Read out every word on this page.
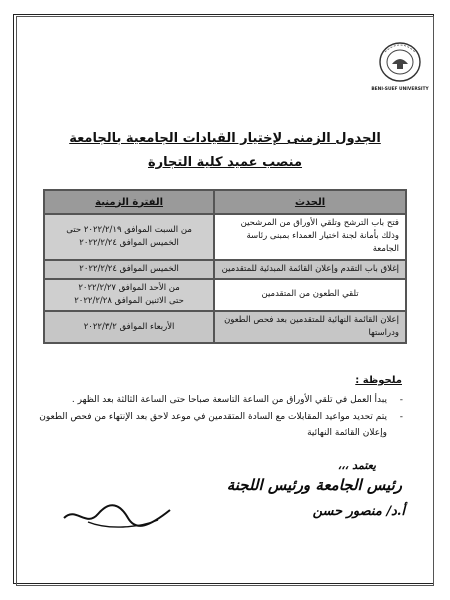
BENI-SUEF UNIVERSITY
الجدول الزمنى لإختيار القيادات الجامعية بالجامعة
منصب عميد كلية التجارة
الحدث	الفترة الزمنية
فتح باب الترشح وتلقي الأوراق من المرشحين وذلك بأمانة لجنة اختيار العمداء بمبنى رئاسة الجامعة	من السبت الموافق ٢٠٢٢/٢/١٩ حتى
الخميس الموافق ٢٠٢٢/٢/٢٤

إغلاق باب التقدم وإعلان القائمة المبدئية للمتقدمين	الخميس الموافق ٢٠٢٢/٢/٢٤

تلقي الطعون من المتقدمين	من الأحد الموافق ٢٠٢٢/٢/٢٧
حتى الاثنين الموافق ٢٠٢٢/٢/٢٨

إعلان القائمة النهائية للمتقدمين بعد فحص الطعون ودراستها	الأربعاء الموافق ٢٠٢٢/٣/٢
ملحوظة :
-
يبدأ العمل في تلقي الأوراق من الساعة التاسعة صباحا حتى الساعة الثالثة بعد الظهر .
-
يتم تحديد مواعيد المقابلات مع السادة المتقدمين في موعد لاحق بعد الإنتهاء من فحص الطعون وإعلان القائمة النهائية
يعتمد ،،،
رئيس الجامعة ورئيس اللجنة
أ.د/ منصور حسن
